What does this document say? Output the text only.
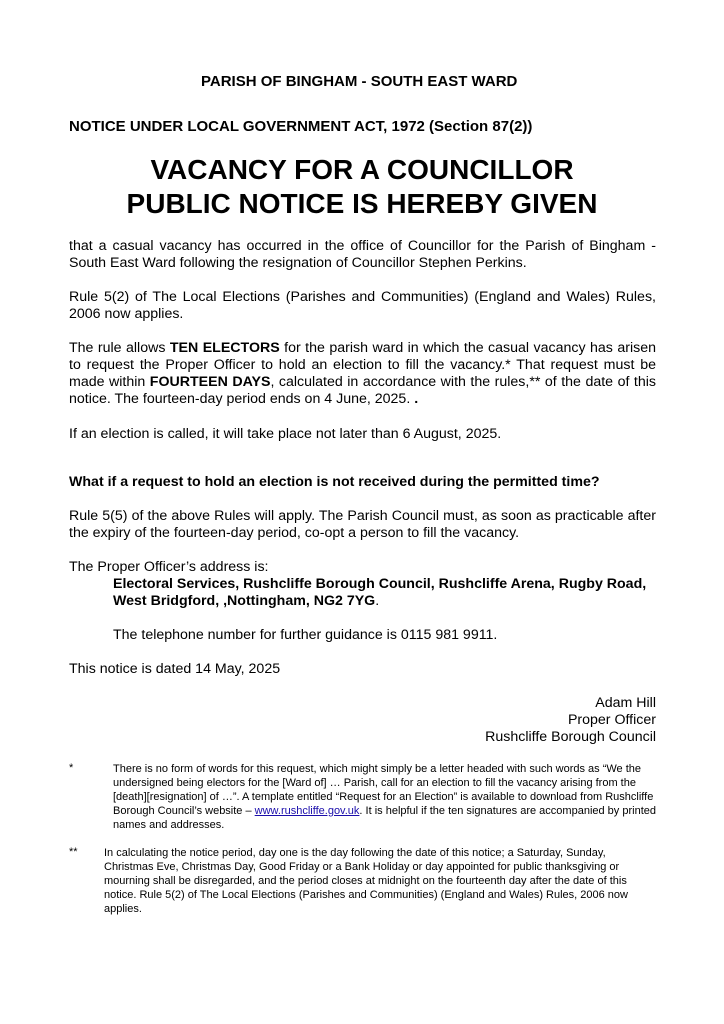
PARISH OF BINGHAM - SOUTH EAST WARD
NOTICE UNDER LOCAL GOVERNMENT ACT, 1972 (Section 87(2))
VACANCY FOR A COUNCILLOR
PUBLIC NOTICE IS HEREBY GIVEN
that a casual vacancy has occurred in the office of Councillor for the Parish of Bingham - South East Ward following the resignation of Councillor Stephen Perkins.
Rule 5(2) of The Local Elections (Parishes and Communities) (England and Wales) Rules, 2006 now applies.
The rule allows TEN ELECTORS for the parish ward in which the casual vacancy has arisen to request the Proper Officer to hold an election to fill the vacancy.* That request must be made within FOURTEEN DAYS, calculated in accordance with the rules,** of the date of this notice. The fourteen-day period ends on 4 June, 2025. .
If an election is called, it will take place not later than 6 August, 2025.
What if a request to hold an election is not received during the permitted time?
Rule 5(5) of the above Rules will apply. The Parish Council must, as soon as practicable after the expiry of the fourteen-day period, co-opt a person to fill the vacancy.
The Proper Officer’s address is:
Electoral Services, Rushcliffe Borough Council, Rushcliffe Arena, Rugby Road, West Bridgford, ,Nottingham, NG2 7YG.
The telephone number for further guidance is 0115 981 9911.
This notice is dated 14 May, 2025
Adam Hill
Proper Officer
Rushcliffe Borough Council
*	There is no form of words for this request, which might simply be a letter headed with such words as “We the undersigned being electors for the [Ward of] … Parish, call for an election to fill the vacancy arising from the [death][resignation] of …”. A template entitled “Request for an Election” is available to download from Rushcliffe Borough Council’s website – www.rushcliffe.gov.uk. It is helpful if the ten signatures are accompanied by printed names and addresses.
** In calculating the notice period, day one is the day following the date of this notice; a Saturday, Sunday, Christmas Eve, Christmas Day, Good Friday or a Bank Holiday or day appointed for public thanksgiving or mourning shall be disregarded, and the period closes at midnight on the fourteenth day after the date of this notice. Rule 5(2) of The Local Elections (Parishes and Communities) (England and Wales) Rules, 2006 now applies.
